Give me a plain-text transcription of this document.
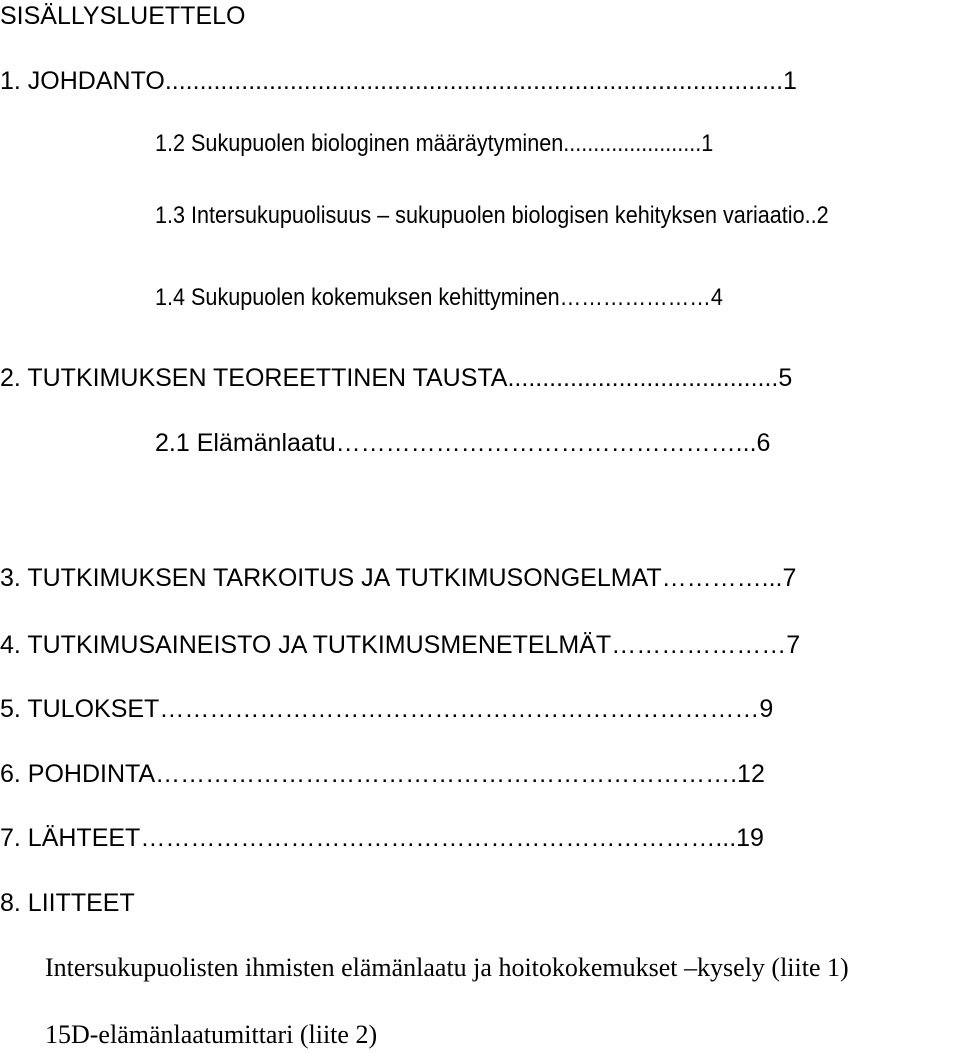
SISÄLLYSLUETTELO
1. JOHDANTO.........................................................................................1
1.2 Sukupuolen biologinen määräytyminen.......................1
1.3 Intersukupuolisuus – sukupuolen biologisen kehityksen variaatio..2
1.4 Sukupuolen kokemuksen kehittyminen…………………4
2. TUTKIMUKSEN TEOREETTINEN TAUSTA.......................................5
2.1 Elämänlaatu…………………………………………...6
3. TUTKIMUKSEN TARKOITUS JA TUTKIMUSONGELMAT…………...7
4. TUTKIMUSAINEISTO JA TUTKIMUSMENETELMÄT…………………7
5. TULOKSET………………………………………………………………9
6. POHDINTA…………………………………………………………….12
7. LÄHTEET……………………………………………………………...19
8. LIITTEET
Intersukupuolisten ihmisten elämänlaatu ja hoitokokemukset –kysely (liite 1)
15D-elämänlaatumittari (liite 2)
